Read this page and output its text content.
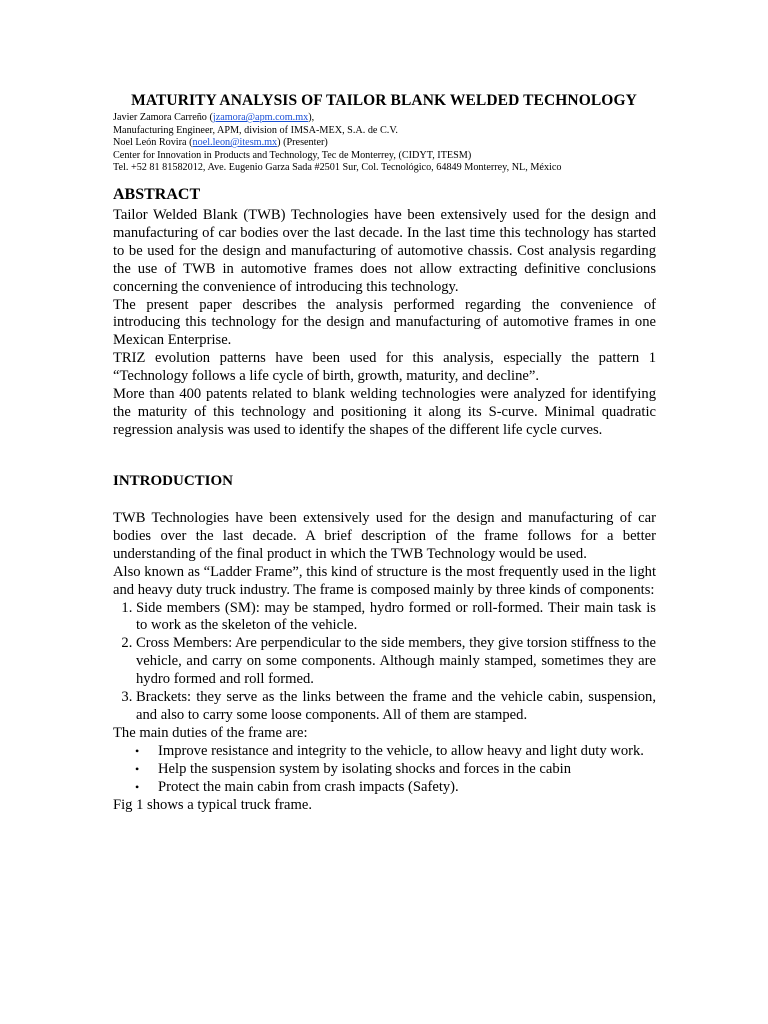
MATURITY ANALYSIS OF TAILOR BLANK WELDED TECHNOLOGY
Javier Zamora Carreño (jzamora@apm.com.mx),
Manufacturing Engineer, APM, division of IMSA-MEX, S.A. de C.V.
Noel León Rovira (noel.leon@itesm.mx) (Presenter)
Center for Innovation in Products and Technology, Tec de Monterrey, (CIDYT, ITESM)
Tel. +52 81 81582012, Ave. Eugenio Garza Sada #2501 Sur, Col. Tecnológico, 64849 Monterrey, NL, México
ABSTRACT

Tailor Welded Blank (TWB) Technologies have been extensively used for the design and manufacturing of car bodies over the last decade. In the last time this technology has started to be used for the design and manufacturing of automotive chassis. Cost analysis regarding the use of TWB in automotive frames does not allow extracting definitive conclusions concerning the convenience of introducing this technology.

The present paper describes the analysis performed regarding the convenience of introducing this technology for the design and manufacturing of automotive frames in one Mexican Enterprise.

TRIZ evolution patterns have been used for this analysis, especially the pattern 1 “Technology follows a life cycle of birth, growth, maturity, and decline”.

More than 400 patents related to blank welding technologies were analyzed for identifying the maturity of this technology and positioning it along its S-curve. Minimal quadratic regression analysis was used to identify the shapes of the different life cycle curves.

INTRODUCTION

TWB Technologies have been extensively used for the design and manufacturing of car bodies over the last decade. A brief description of the frame follows for a better understanding of the final product in which the TWB Technology would be used.

Also known as “Ladder Frame”, this kind of structure is the most frequently used in the light and heavy duty truck industry. The frame is composed mainly by three kinds of components:

1. Side members (SM): may be stamped, hydro formed or roll-formed. Their main task is to work as the skeleton of the vehicle.
2. Cross Members: Are perpendicular to the side members, they give torsion stiffness to the vehicle, and carry on some components. Although mainly stamped, sometimes they are hydro formed and roll formed.
3. Brackets: they serve as the links between the frame and the vehicle cabin, suspension, and also to carry some loose components. All of them are stamped.

The main duties of the frame are:

• Improve resistance and integrity to the vehicle, to allow heavy and light duty work.
• Help the suspension system by isolating shocks and forces in the cabin
• Protect the main cabin from crash impacts (Safety).

Fig 1 shows a typical truck frame.
